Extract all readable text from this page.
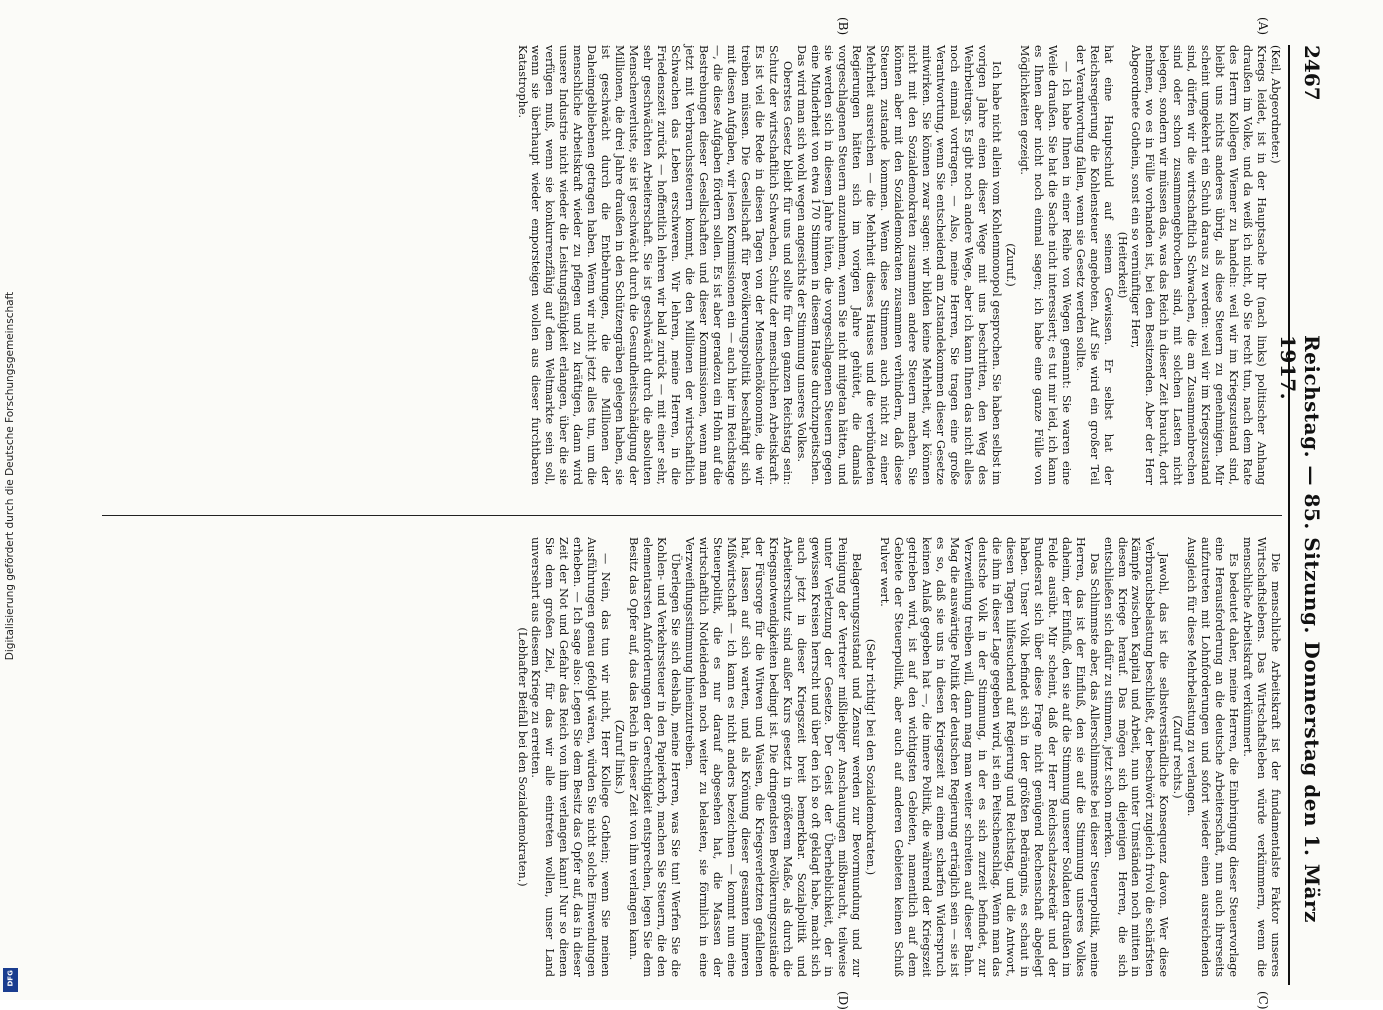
2467
Reichstag. — 85. Sitzung. Donnerstag den 1. März 1917.
(A)
(B)
(C)
(D)

(Keil, Abgeordneter.)

Kriegs leidet, ist in der Hauptsache Ihr (nach links) politischer Anhang draußen im Volke, und da weiß ich nicht, ob Sie recht tun, nach dem Rate des Herrn Kollegen Wiemer zu handeln: weil wir im Kriegszustand sind, bleibt uns nichts anderes übrig, als diese Steuern zu genehmigen. Mir scheint umgekehrt ein Schuh daraus zu werden: weil wir im Kriegszustand sind, dürfen wir die wirtschaftlich Schwachen, die am Zusammenbrechen sind oder schon zusammengebrochen sind, mit solchen Lasten nicht belegen, sondern wir müssen das, was das Reich in dieser Zeit braucht, dort nehmen, wo es in Fülle vorhanden ist, bei den Besitzenden. Aber der Herr Abgeordnete Gothein, sonst ein so vernünftiger Herr,

(Heiterkeit)

hat eine Hauptschuld auf seinem Gewissen. Er selbst hat der Reichsregierung die Kohlensteuer angeboten. Auf Sie wird ein großer Teil der Verantwortung fallen, wenn sie Gesetz werden sollte.

— Ich habe Ihnen in einer Reihe von Wegen genannt: Sie waren eine Weile draußen. Sie hat die Sache nicht interessiert; es tut mir leid, ich kann es Ihnen aber nicht noch einmal sagen; ich habe eine ganze Fülle von Möglichkeiten gezeigt.

(Zuruf.)

Ich habe nicht allein vom Kohlenmonopol gesprochen. Sie haben selbst im vorigen Jahre einen dieser Wege mit uns beschritten, den Weg des Wehrbeitrags. Es gibt noch andere Wege, aber ich kann Ihnen das nicht alles noch einmal vortragen. — Also, meine Herren, Sie tragen eine große Verantwortung, wenn Sie entscheidend am Zustandekommen dieser Gesetze mitwirken. Sie können zwar sagen: wir bilden keine Mehrheit, wir können nicht mit den Sozialdemokraten zusammen andere Steuern machen. Sie können aber mit den Sozialdemokraten zusammen verhindern, daß diese Steuern zustande kommen. Wenn diese Stimmen auch nicht zu einer Mehrheit ausreichen — die Mehrheit dieses Hauses und die verbündeten Regierungen hätten sich im vorigen Jahre gehütet, die damals vorgeschlagenen Steuern anzunehmen, wenn Sie nicht mitgetan hätten, und sie werden sich in diesem Jahre hüten, die vorgeschlagenen Steuern gegen eine Minderheit von etwa 170 Stimmen in diesem Hause durchzupeitschen. Das wird man sich wohl wegen angesichts der Stimmung unseres Volkes.

Oberstes Gesetz bleibt für uns und sollte für den ganzen Reichstag sein: Schutz der wirtschaftlich Schwachen, Schutz der menschlichen Arbeitskraft. Es ist viel die Rede in diesen Tagen von der Menschenökonomie, die wir treiben müssen. Die Gesellschaft für Bevölkerungspolitik beschäftigt sich mit diesen Aufgaben, wir lesen Kommissionen ein — auch hier im Reichstage —, die diese Aufgaben fördern sollen. Es ist aber geradezu ein Hohn auf die Bestrebungen dieser Gesellschaften und dieser Kommissionen, wenn man jetzt mit Verbrauchssteuern kommt, die den Millionen der wirtschaftlich Schwachen das Leben erschweren. Wir lehren, meine Herren, in die Friedenszeit zurück — hoffentlich lehren wir bald zurück — mit einer sehr, sehr geschwächten Arbeiterschaft. Sie ist geschwächt durch die absoluten Menschenverluste, sie ist geschwächt durch die Gesundheitsschädigung der Millionen, die drei Jahre draußen in den Schützengräben gelegen haben, sie ist geschwächt durch die Entbehrungen, die die Millionen der Daheimgebliebenen getragen haben. Wenn wir nicht jetzt alles tun, um die menschliche Arbeitskraft wieder zu pflegen und zu kräftigen, dann wird unsere Industrie nicht wieder die Leistungsfähigkeit erlangen, über die sie verfügen muß, wenn sie konkurrenzfähig auf dem Weltmarkte sein soll, wenn sie überhaupt wieder emporsteigen wollen aus dieser furchtbaren Katastrophe.

Die menschliche Arbeitskraft ist der fundamentalste Faktor unseres Wirtschaftslebens. Das Wirtschaftsleben würde verkümmern, wenn die menschliche Arbeitskraft verkümmert.

Es bedeutet daher, meine Herren, die Einbringung dieser Steuervorlage eine Herausforderung an die deutsche Arbeiterschaft, nun auch ihrerseits aufzutreten mit Lohnforderungen und sofort wieder einen ausreichenden Ausgleich für diese Mehrbelastung zu verlangen.

(Zuruf rechts.)

Jawohl, das ist die selbstverständliche Konsequenz davon. Wer diese Verbrauchsbelastung beschließt, der beschwört zugleich frivol die schärfsten Kämpfe zwischen Kapital und Arbeit, nun unter Umständen noch mitten in diesem Kriege herauf. Das mögen sich diejenigen Herren, die sich entschließen sich dafür zu stimmen, jetzt schon merken.

Das Schlimmste aber, das Allerschlimmste bei dieser Steuerpolitik, meine Herren, das ist der Einfluß, den sie auf die Stimmung unseres Volkes daheim, der Einfluß, den sie auf die Stimmung unserer Soldaten draußen im Felde ausübt. Mir scheint, daß der Herr Reichsschatzsekretär und der Bundesrat sich über diese Frage nicht genügend Rechenschaft abgelegt haben. Unser Volk befindet sich in der größten Bedrängnis, es schaut in diesen Tagen hilfesuchend auf Regierung und Reichstag, und die Antwort, die ihm in dieser Lage gegeben wird, ist ein Peitschenschlag. Wenn man das deutsche Volk in der Stimmung, in der es sich zurzeit befindet, zur Verzweiflung treiben will, dann mag man weiter schreiten auf dieser Bahn. Mag die auswärtige Politik der deutschen Regierung erträglich sein — sie ist es so, daß sie uns in diesen Kriegszeit zu einem scharfen Widerspruch keinen Anlaß gegeben hat —, die innere Politik, die während der Kriegszeit getrieben wird, ist auf den wichtigsten Gebieten, namentlich auf dem Gebiete der Steuerpolitik, aber auch auf anderen Gebieten keinen Schuß Pulver wert.

(Sehr richtig! bei den Sozialdemokraten.)

Belagerungszustand und Zensur werden zur Bevormundung und zur Peinigung der Vertreter mißliebiger Anschauungen mißbraucht, teilweise unter Verletzung der Gesetze. Der Geist der Überheblichkeit, der in gewissen Kreisen herrscht und über den ich so oft geklagt habe, macht sich auch jetzt in dieser Kriegszeit breit bemerkbar. Sozialpolitik und Arbeiterschutz sind außer Kurs gesetzt in größerem Maße, als durch die Kriegsnotwendigkeiten bedingt ist. Die dringendsten Bevölkerungszustände der Fürsorge für die Witwen und Waisen, die Kriegsverletzten gefallenen hat, lassen auf sich warten, und als Krönung dieser gesamten inneren Mißwirtschaft — ich kann es nicht anders bezeichnen — kommt nun eine Steuerpolitik, die es nur darauf abgesehen hat, die Massen der wirtschaftlich Notleidenden noch weiter zu belasten, sie förmlich in eine Verzweiflungsstimmung hineinzutreiben.

Überlegen Sie sich deshalb, meine Herren, was Sie tun! Werfen Sie die Kohlen- und Verkehrssteuer in den Papierkorb, machen Sie Steuern, die den elementarsten Anforderungen der Gerechtigkeit entsprechen, legen Sie dem Besitz das Opfer auf, das das Reich in dieser Zeit von ihm verlangen kann.

(Zuruf links.)

— Nein, das tun wir nicht, Herr Kollege Gothein; wenn Sie meinen Ausführungen genau gefolgt wären, würden Sie nicht solche Einwendungen erheben. — Ich sage also: Legen Sie dem Besitz das Opfer auf, das in dieser Zeit der Not und Gefahr das Reich von ihm verlangen kann! Nur so dienen Sie dem großen Ziel, für das wir alle eintreten wollen, unser Land unversehrt aus diesem Kriege zu erretten.

(Lebhafter Beifall bei den Sozialdemokraten.)

Digitalisierung gefördert durch die Deutsche Forschungsgemeinschaft
DFG
